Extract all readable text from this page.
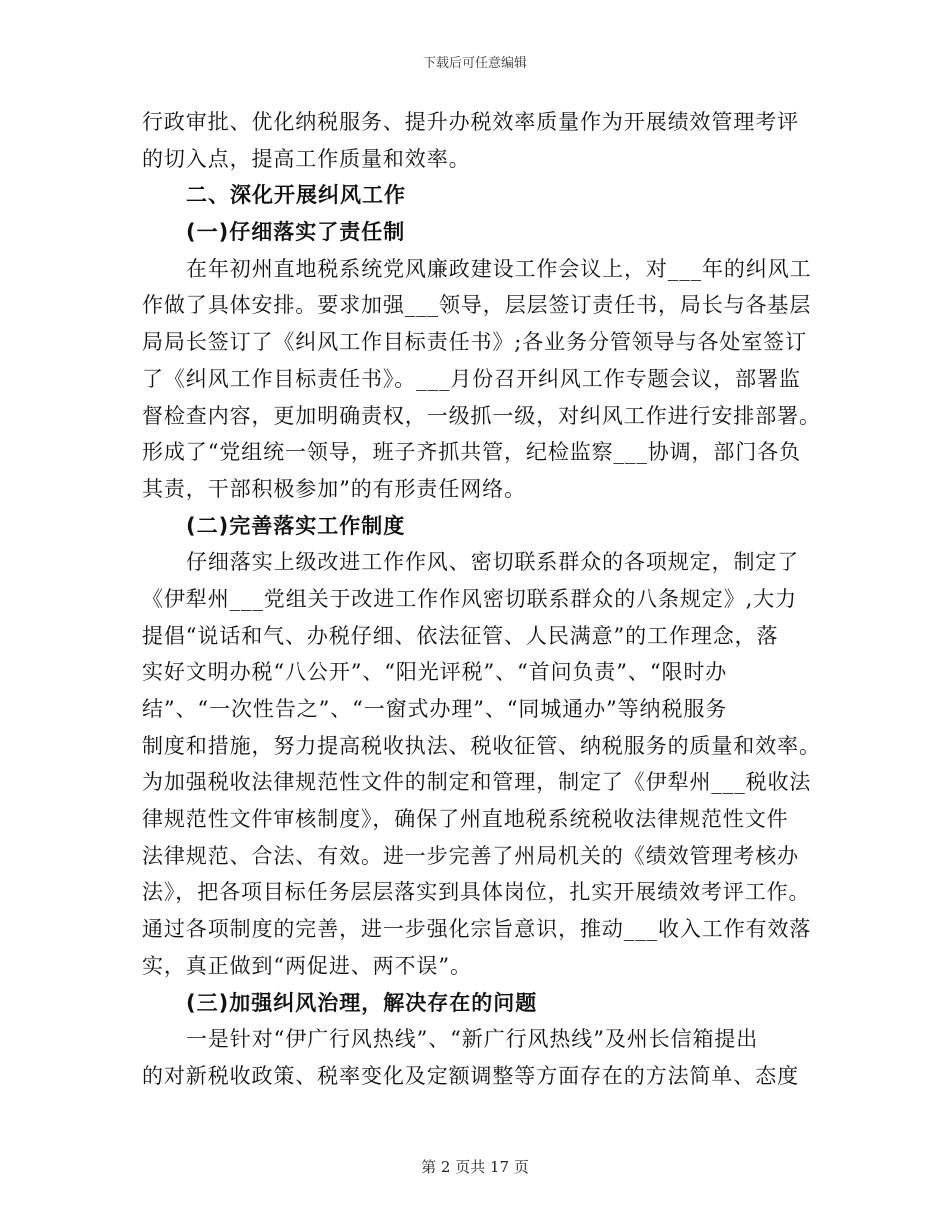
下载后可任意编辑
行政审批、优化纳税服务、提升办税效率质量作为开展绩效管理考评
的切入点，提高工作质量和效率。
二、深化开展纠风工作
(一)仔细落实了责任制
在年初州直地税系统党风廉政建设工作会议上，对___年的纠风工
作做了具体安排。要求加强___领导，层层签订责任书，局长与各基层
局局长签订了《纠风工作目标责任书》;各业务分管领导与各处室签订
了《纠风工作目标责任书》。___月份召开纠风工作专题会议，部署监
督检查内容，更加明确责权，一级抓一级，对纠风工作进行安排部署。
形成了“党组统一领导，班子齐抓共管，纪检监察___协调，部门各负
其责，干部积极参加”的有形责任网络。
(二)完善落实工作制度
仔细落实上级改进工作作风、密切联系群众的各项规定，制定了
《伊犁州___党组关于改进工作作风密切联系群众的八条规定》,大力
提倡“说话和气、办税仔细、依法征管、人民满意”的工作理念，落
实好文明办税“八公开”、“阳光评税”、“首问负责”、“限时办
结”、“一次性告之”、“一窗式办理”、“同城通办”等纳税服务
制度和措施，努力提高税收执法、税收征管、纳税服务的质量和效率。
为加强税收法律规范性文件的制定和管理，制定了《伊犁州___税收法
律规范性文件审核制度》，确保了州直地税系统税收法律规范性文件
法律规范、合法、有效。进一步完善了州局机关的《绩效管理考核办
法》，把各项目标任务层层落实到具体岗位，扎实开展绩效考评工作。
通过各项制度的完善，进一步强化宗旨意识，推动___收入工作有效落
实，真正做到“两促进、两不误”。
(三)加强纠风治理，解决存在的问题
一是针对“伊广行风热线”、“新广行风热线”及州长信箱提出
的对新税收政策、税率变化及定额调整等方面存在的方法简单、态度
第 2 页共 17 页
